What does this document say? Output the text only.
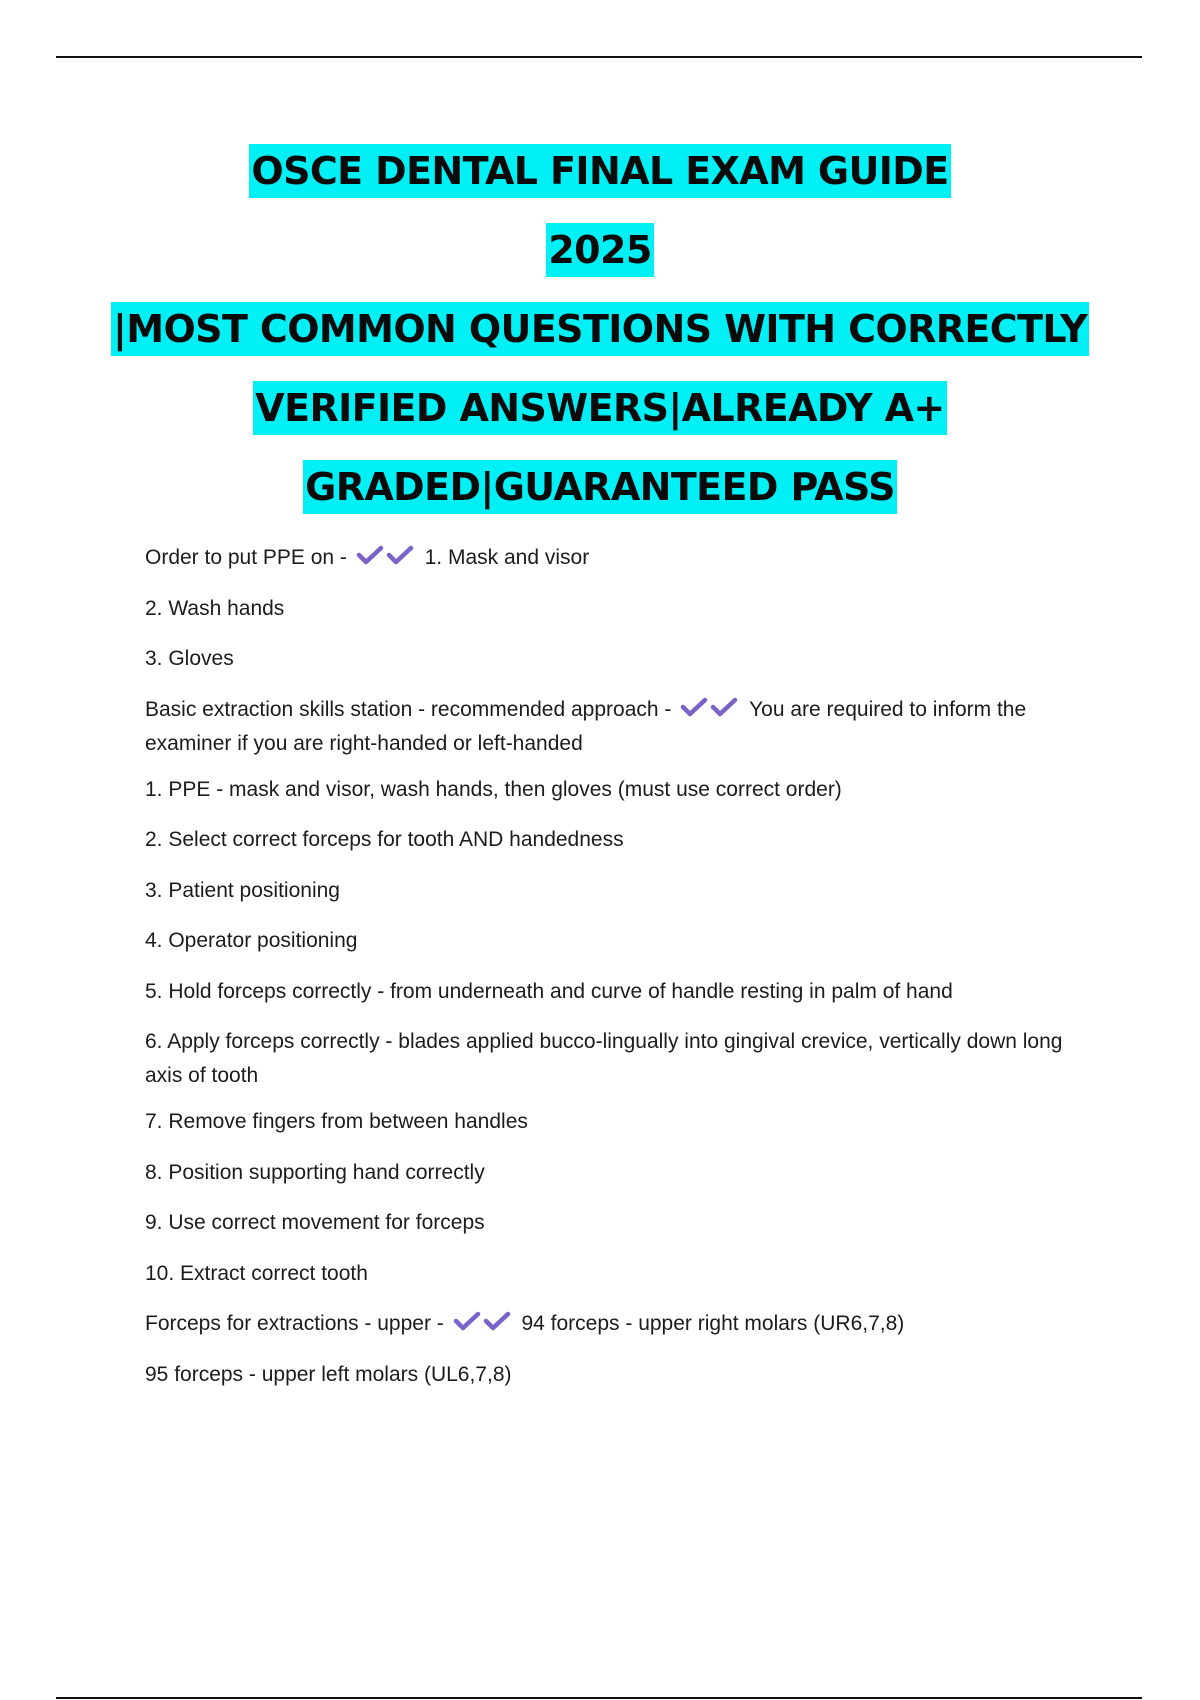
OSCE DENTAL FINAL EXAM GUIDE
2025
|MOST COMMON QUESTIONS WITH CORRECTLY
VERIFIED ANSWERS|ALREADY A+
GRADED|GUARANTEED PASS

Order to put PPE on -	1. Mask and visor

2. Wash hands

3. Gloves

Basic extraction skills station - recommended approach -	You are required to inform the examiner if you are right-handed or left-handed

1. PPE - mask and visor, wash hands, then gloves (must use correct order)

2. Select correct forceps for tooth AND handedness

3. Patient positioning

4. Operator positioning

5. Hold forceps correctly - from underneath and curve of handle resting in palm of hand

6. Apply forceps correctly - blades applied bucco-lingually into gingival crevice, vertically down long axis of tooth

7. Remove fingers from between handles

8. Position supporting hand correctly

9. Use correct movement for forceps

10. Extract correct tooth

Forceps for extractions - upper -	94 forceps - upper right molars (UR6,7,8)

95 forceps - upper left molars (UL6,7,8)
